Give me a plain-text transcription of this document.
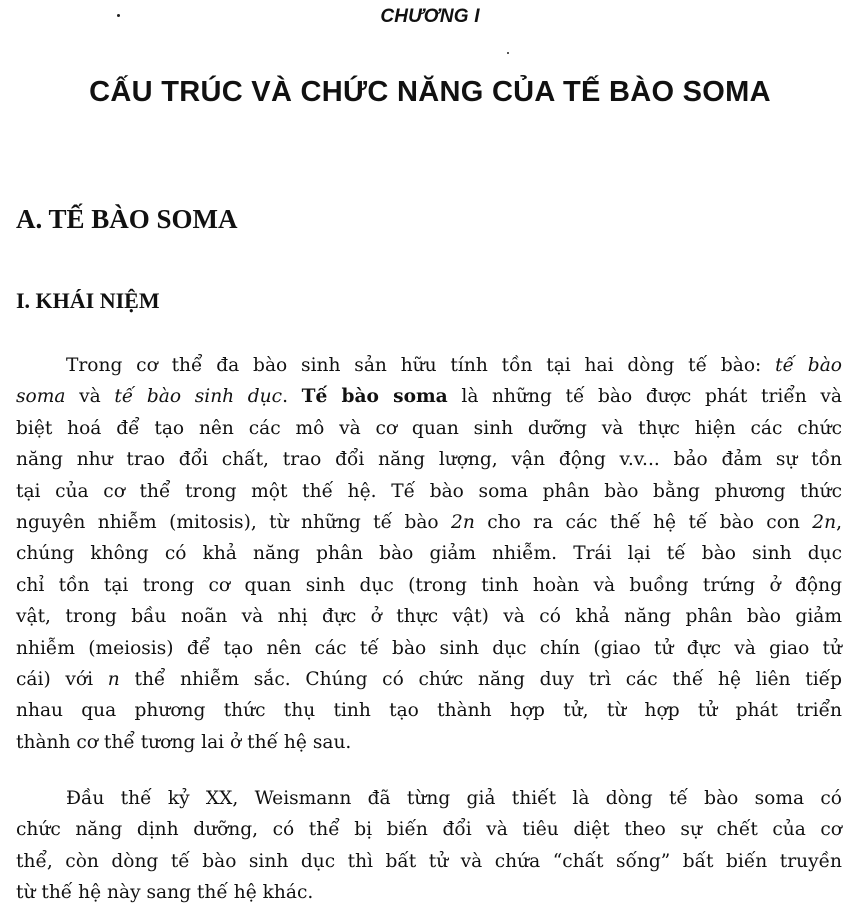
CHƯƠNG I
CẤU TRÚC VÀ CHỨC NĂNG CỦA TẾ BÀO SOMA
A. TẾ BÀO SOMA
I. KHÁI NIỆM
Trong cơ thể đa bào sinh sản hữu tính tồn tại hai dòng tế bào: tế bào
soma và tế bào sinh dục. Tế bào soma là những tế bào được phát triển và
biệt hoá để tạo nên các mô và cơ quan sinh dưỡng và thực hiện các chức
năng như trao đổi chất, trao đổi năng lượng, vận động v.v... bảo đảm sự tồn
tại của cơ thể trong một thế hệ. Tế bào soma phân bào bằng phương thức
nguyên nhiễm (mitosis), từ những tế bào 2n cho ra các thế hệ tế bào con 2n,
chúng không có khả năng phân bào giảm nhiễm. Trái lại tế bào sinh dục
chỉ tồn tại trong cơ quan sinh dục (trong tinh hoàn và buồng trứng ở động
vật, trong bầu noãn và nhị đực ở thực vật) và có khả năng phân bào giảm
nhiễm (meiosis) để tạo nên các tế bào sinh dục chín (giao tử đực và giao tử
cái) với n thể nhiễm sắc. Chúng có chức năng duy trì các thế hệ liên tiếp
nhau qua phương thức thụ tinh tạo thành hợp tử, từ hợp tử phát triển
thành cơ thể tương lai ở thế hệ sau.
Đầu thế kỷ XX, Weismann đã từng giả thiết là dòng tế bào soma có
chức năng dịnh dưỡng, có thể bị biến đổi và tiêu diệt theo sự chết của cơ
thể, còn dòng tế bào sinh dục thì bất tử và chứa “chất sống” bất biến truyền
từ thế hệ này sang thế hệ khác.
